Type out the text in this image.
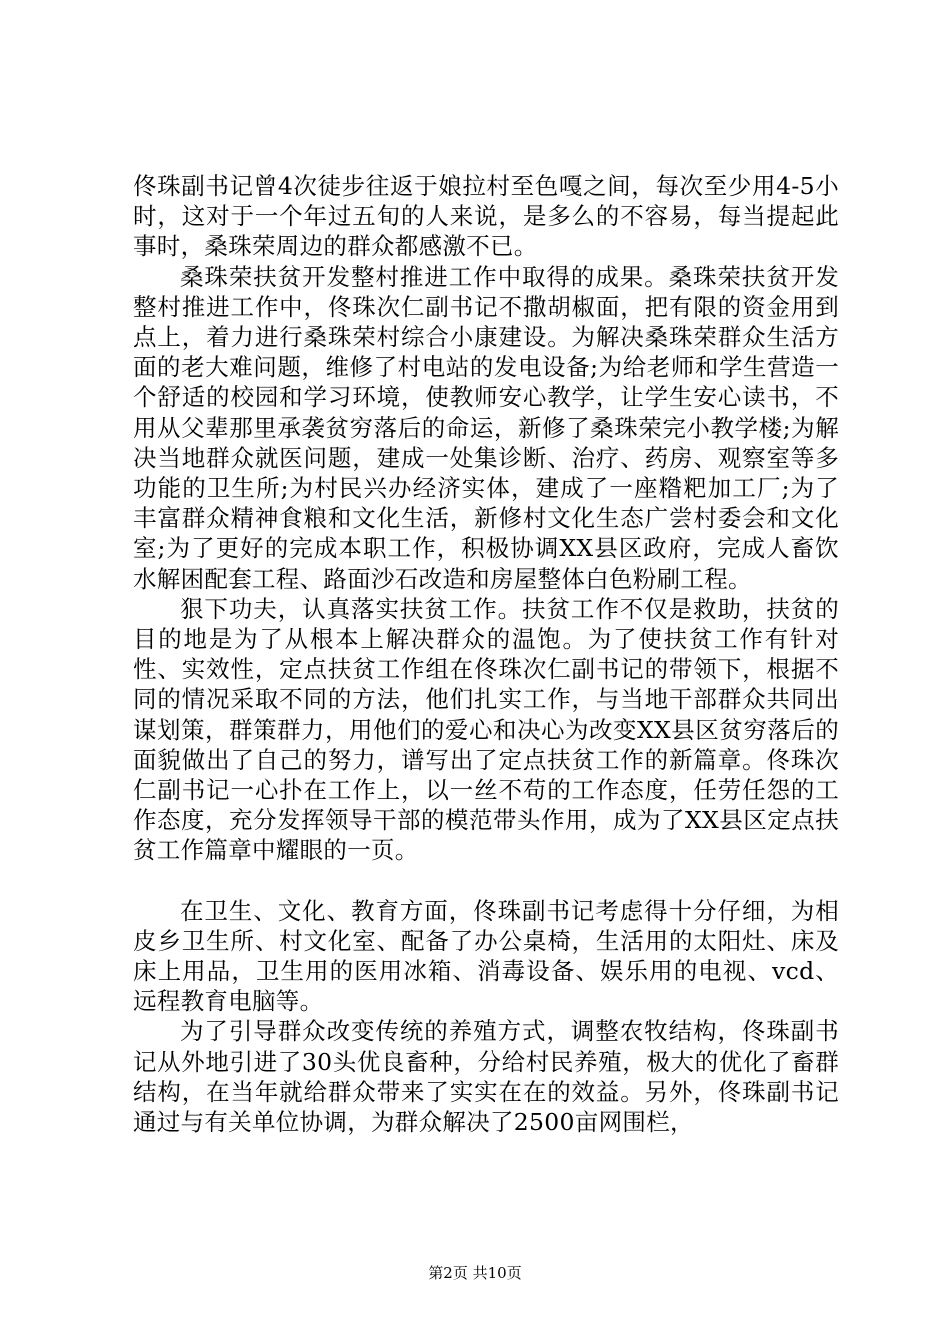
佟珠副书记曾4次徒步往返于娘拉村至色嘎之间，每次至少用4-5小时，这对于一个年过五旬的人来说，是多么的不容易，每当提起此事时，桑珠荣周边的群众都感激不已。

桑珠荣扶贫开发整村推进工作中取得的成果。桑珠荣扶贫开发整村推进工作中，佟珠次仁副书记不撒胡椒面，把有限的资金用到点上，着力进行桑珠荣村综合小康建设。为解决桑珠荣群众生活方面的老大难问题，维修了村电站的发电设备;为给老师和学生营造一个舒适的校园和学习环境，使教师安心教学，让学生安心读书，不用从父辈那里承袭贫穷落后的命运，新修了桑珠荣完小教学楼;为解决当地群众就医问题，建成一处集诊断、治疗、药房、观察室等多功能的卫生所;为村民兴办经济实体，建成了一座糌粑加工厂;为了丰富群众精神食粮和文化生活，新修村文化生态广尝村委会和文化室;为了更好的完成本职工作，积极协调XX县区政府，完成人畜饮水解困配套工程、路面沙石改造和房屋整体白色粉刷工程。

狠下功夫，认真落实扶贫工作。扶贫工作不仅是救助，扶贫的目的地是为了从根本上解决群众的温饱。为了使扶贫工作有针对性、实效性，定点扶贫工作组在佟珠次仁副书记的带领下，根据不同的情况采取不同的方法，他们扎实工作，与当地干部群众共同出谋划策，群策群力，用他们的爱心和决心为改变XX县区贫穷落后的面貌做出了自己的努力，谱写出了定点扶贫工作的新篇章。佟珠次仁副书记一心扑在工作上，以一丝不苟的工作态度，任劳任怨的工作态度，充分发挥领导干部的模范带头作用，成为了XX县区定点扶贫工作篇章中耀眼的一页。

在卫生、文化、教育方面，佟珠副书记考虑得十分仔细，为相皮乡卫生所、村文化室、配备了办公桌椅，生活用的太阳灶、床及床上用品，卫生用的医用冰箱、消毒设备、娱乐用的电视、vcd、远程教育电脑等。

为了引导群众改变传统的养殖方式，调整农牧结构，佟珠副书记从外地引进了30头优良畜种，分给村民养殖，极大的优化了畜群结构，在当年就给群众带来了实实在在的效益。另外，佟珠副书记通过与有关单位协调，为群众解决了2500亩网围栏，

第2页 共10页
